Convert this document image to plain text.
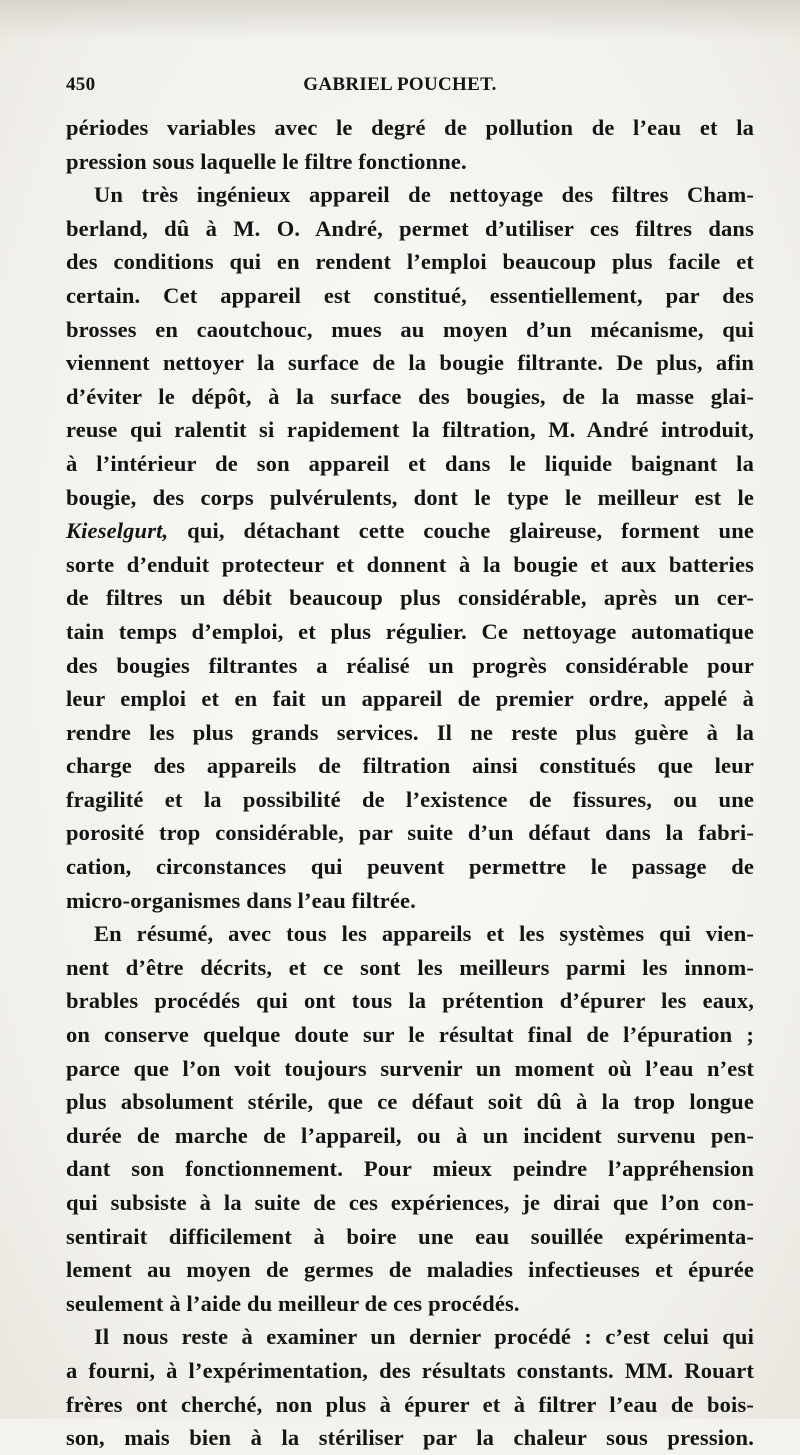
450	GABRIEL POUCHET.
périodes variables avec le degré de pollution de l’eau et la
pression sous laquelle le filtre fonctionne.
Un très ingénieux appareil de nettoyage des filtres Cham-
berland, dû à M. O. André, permet d’utiliser ces filtres dans
des conditions qui en rendent l’emploi beaucoup plus facile et
certain. Cet appareil est constitué, essentiellement, par des
brosses en caoutchouc, mues au moyen d’un mécanisme, qui
viennent nettoyer la surface de la bougie filtrante. De plus, afin
d’éviter le dépôt, à la surface des bougies, de la masse glai-
reuse qui ralentit si rapidement la filtration, M. André introduit,
à l’intérieur de son appareil et dans le liquide baignant la
bougie, des corps pulvérulents, dont le type le meilleur est le
Kieselgurt, qui, détachant cette couche glaireuse, forment une
sorte d’enduit protecteur et donnent à la bougie et aux batteries
de filtres un débit beaucoup plus considérable, après un cer-
tain temps d’emploi, et plus régulier. Ce nettoyage automatique
des bougies filtrantes a réalisé un progrès considérable pour
leur emploi et en fait un appareil de premier ordre, appelé à
rendre les plus grands services. Il ne reste plus guère à la
charge des appareils de filtration ainsi constitués que leur
fragilité et la possibilité de l’existence de fissures, ou une
porosité trop considérable, par suite d’un défaut dans la fabri-
cation, circonstances qui peuvent permettre le passage de
micro-organismes dans l’eau filtrée.
En résumé, avec tous les appareils et les systèmes qui vien-
nent d’être décrits, et ce sont les meilleurs parmi les innom-
brables procédés qui ont tous la prétention d’épurer les eaux,
on conserve quelque doute sur le résultat final de l’épuration ;
parce que l’on voit toujours survenir un moment où l’eau n’est
plus absolument stérile, que ce défaut soit dû à la trop longue
durée de marche de l’appareil, ou à un incident survenu pen-
dant son fonctionnement. Pour mieux peindre l’appréhension
qui subsiste à la suite de ces expériences, je dirai que l’on con-
sentirait difficilement à boire une eau souillée expérimenta-
lement au moyen de germes de maladies infectieuses et épurée
seulement à l’aide du meilleur de ces procédés.
Il nous reste à examiner un dernier procédé : c’est celui qui
a fourni, à l’expérimentation, des résultats constants. MM. Rouart
frères ont cherché, non plus à épurer et à filtrer l’eau de bois-
son, mais bien à la stériliser par la chaleur sous pression.
